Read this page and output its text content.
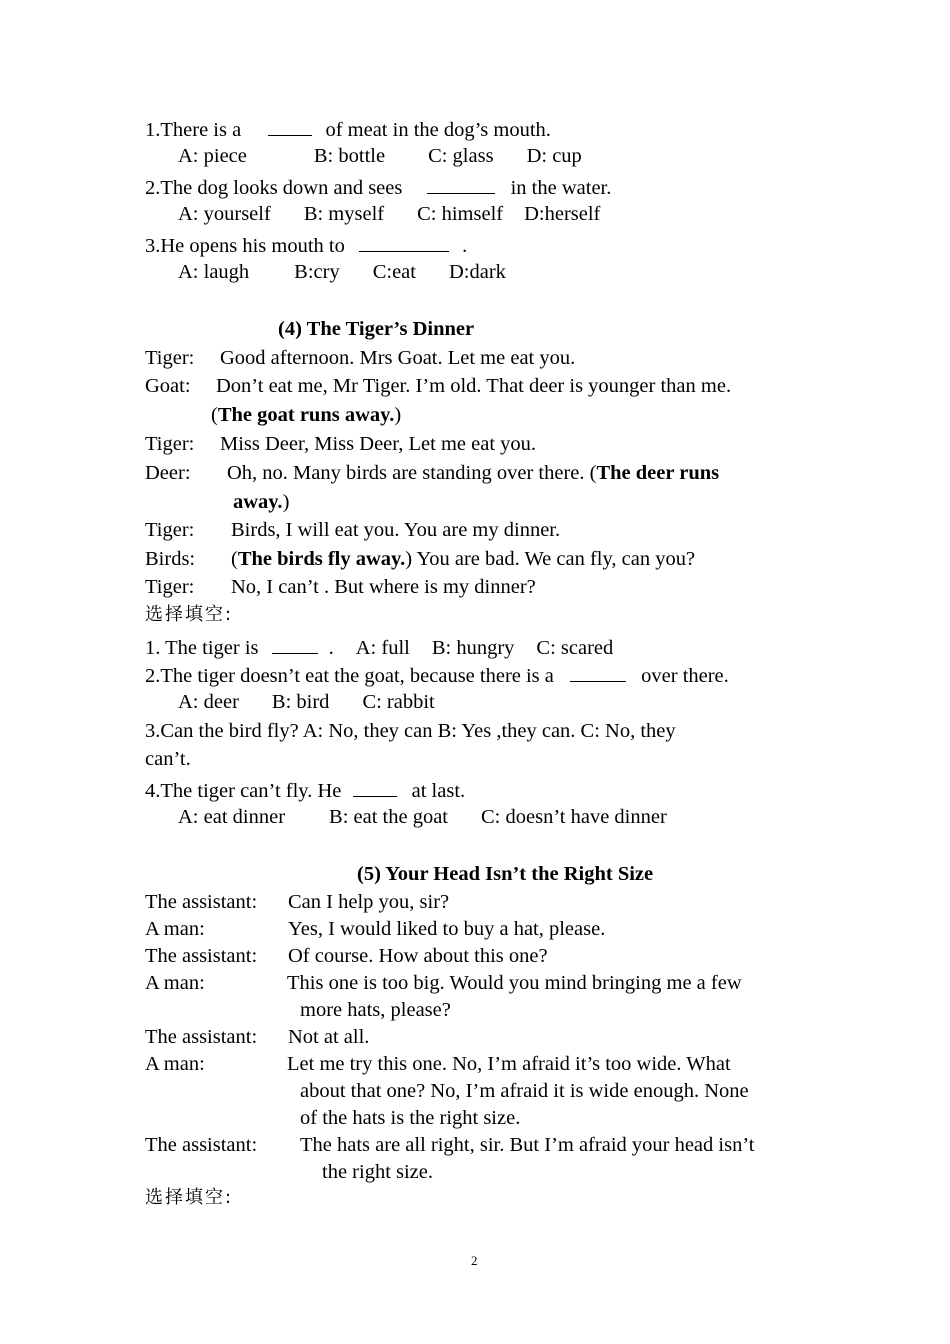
1.There is a	of meat in the dog’s mouth.
A: piece	B: bottle C: glass D: cup
2.The dog looks down and sees	in the water.
A: yourself B: myself C: himself D:herself
3.He opens his mouth to	.
A: laugh B:cry C:eat D:dark
(4) The Tiger’s Dinner
Tiger: Good afternoon. Mrs Goat. Let me eat you.
Goat: Don’t eat me, Mr Tiger. I’m old. That deer is younger than me.
(The goat runs away.)
Tiger: Miss Deer, Miss Deer, Let me eat you.
Deer: Oh, no. Many birds are standing over there. (The deer runs
away.)
Tiger: Birds, I will eat you. You are my dinner.
Birds: (The birds fly away.) You are bad. We can fly, can you?
Tiger: No, I can’t . But where is my dinner?
选择填空:
1. The tiger is	. A: full B: hungry C: scared
2.The tiger doesn’t eat the goat, because there is a	over there.
A: deer B: bird C: rabbit
3.Can the bird fly? A: No, they can B: Yes ,they can. C: No, they
can’t.
4.The tiger can’t fly. He	at last.
A: eat dinner B: eat the goat C: doesn’t have dinner
(5) Your Head Isn’t the Right Size
The assistant: Can I help you, sir?
A man:	Yes, I would liked to buy a hat, please.
The assistant: Of course. How about this one?
A man:	This one is too big. Would you mind bringing me a few
more hats, please?
The assistant: Not at all.
A man:	Let me try this one. No, I’m afraid it’s too wide. What
about that one? No, I’m afraid it is wide enough. None
of the hats is the right size.
The assistant: The hats are all right, sir. But I’m afraid your head isn’t
the right size.
选择填空:
2
